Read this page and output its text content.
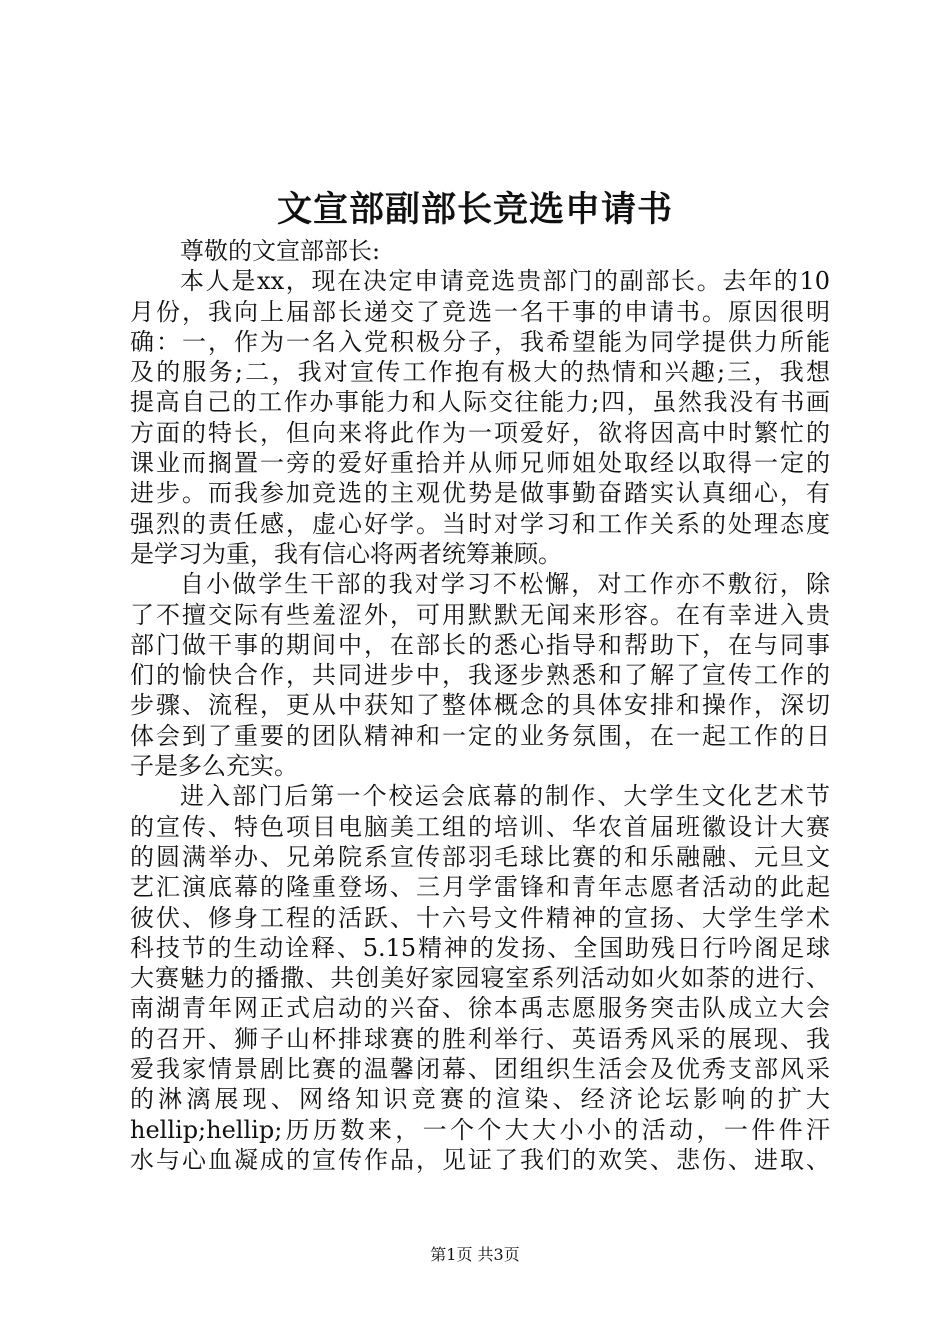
文宣部副部长竞选申请书
尊敬的文宣部部长:
本人是xx，现在决定申请竞选贵部门的副部长。去年的10
月份，我向上届部长递交了竞选一名干事的申请书。原因很明
确：一，作为一名入党积极分子，我希望能为同学提供力所能
及的服务;二，我对宣传工作抱有极大的热情和兴趣;三，我想
提高自己的工作办事能力和人际交往能力;四，虽然我没有书画
方面的特长，但向来将此作为一项爱好，欲将因高中时繁忙的
课业而搁置一旁的爱好重拾并从师兄师姐处取经以取得一定的
进步。而我参加竞选的主观优势是做事勤奋踏实认真细心，有
强烈的责任感，虚心好学。当时对学习和工作关系的处理态度
是学习为重，我有信心将两者统筹兼顾。
自小做学生干部的我对学习不松懈，对工作亦不敷衍，除
了不擅交际有些羞涩外，可用默默无闻来形容。在有幸进入贵
部门做干事的期间中，在部长的悉心指导和帮助下，在与同事
们的愉快合作，共同进步中，我逐步熟悉和了解了宣传工作的
步骤、流程，更从中获知了整体概念的具体安排和操作，深切
体会到了重要的团队精神和一定的业务氛围，在一起工作的日
子是多么充实。
进入部门后第一个校运会底幕的制作、大学生文化艺术节
的宣传、特色项目电脑美工组的培训、华农首届班徽设计大赛
的圆满举办、兄弟院系宣传部羽毛球比赛的和乐融融、元旦文
艺汇演底幕的隆重登场、三月学雷锋和青年志愿者活动的此起
彼伏、修身工程的活跃、十六号文件精神的宣扬、大学生学术
科技节的生动诠释、5.15精神的发扬、全国助残日行吟阁足球
大赛魅力的播撒、共创美好家园寝室系列活动如火如荼的进行、
南湖青年网正式启动的兴奋、徐本禹志愿服务突击队成立大会
的召开、狮子山杯排球赛的胜利举行、英语秀风采的展现、我
爱我家情景剧比赛的温馨闭幕、团组织生活会及优秀支部风采
的淋漓展现、网络知识竞赛的渲染、经济论坛影响的扩大
hellip;hellip;历历数来，一个个大大小小的活动，一件件汗
水与心血凝成的宣传作品，见证了我们的欢笑、悲伤、进取、
第1页 共3页
